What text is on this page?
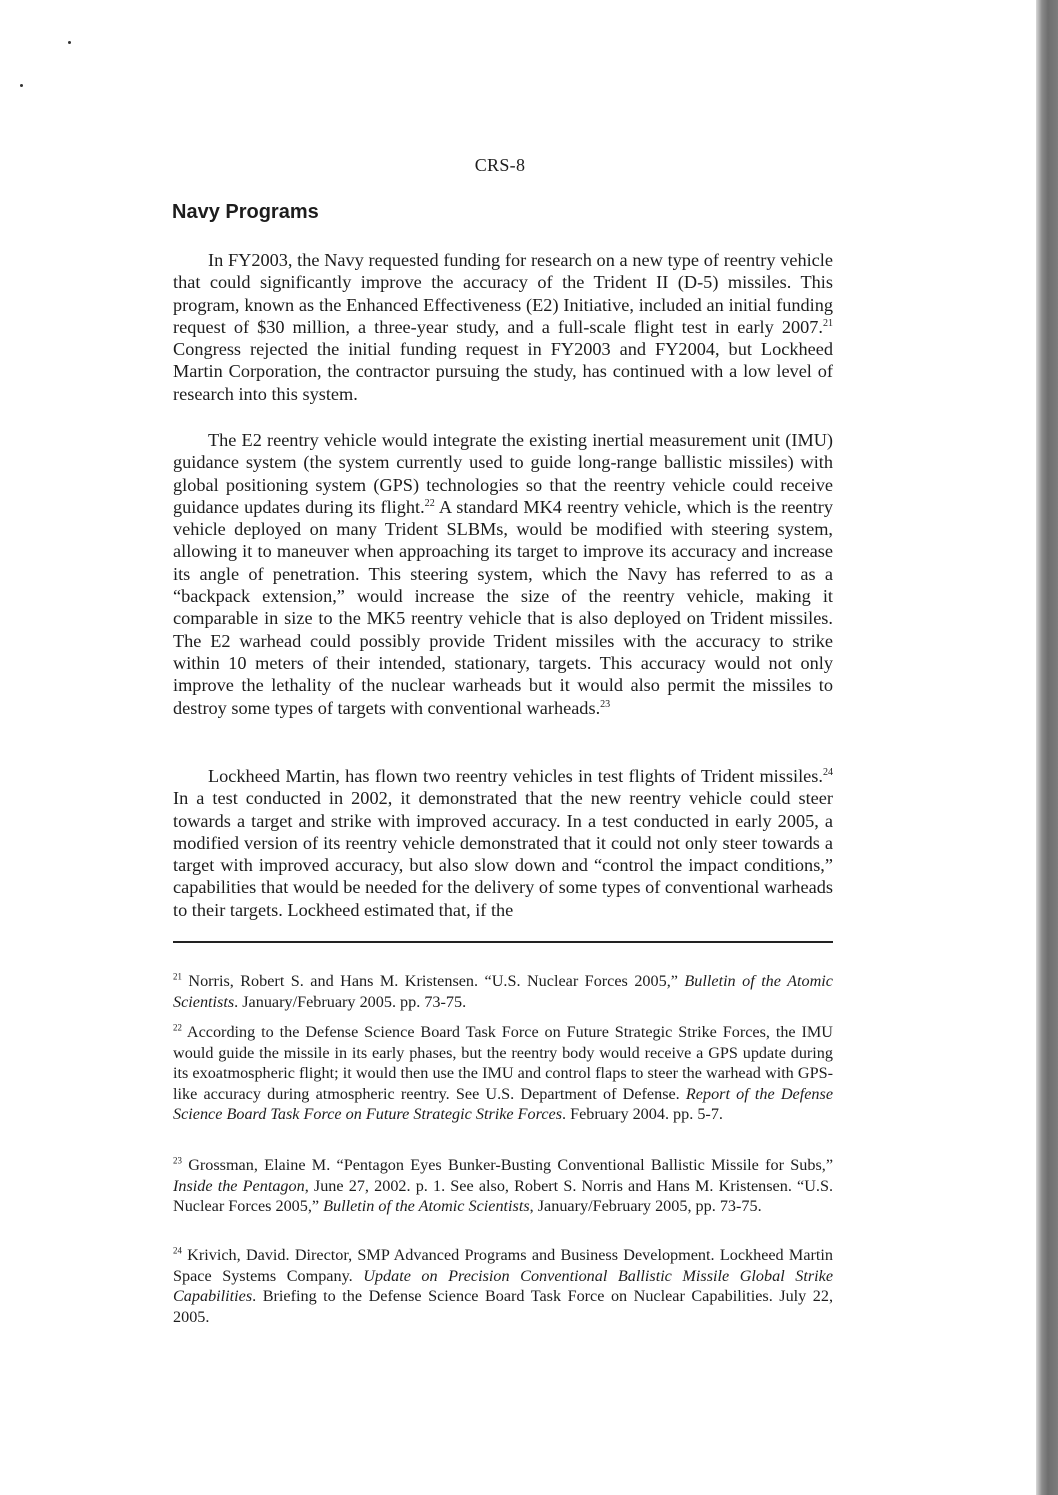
CRS-8
Navy Programs

In FY2003, the Navy requested funding for research on a new type of reentry vehicle that could significantly improve the accuracy of the Trident II (D-5) missiles. This program, known as the Enhanced Effectiveness (E2) Initiative, included an initial funding request of $30 million, a three-year study, and a full-scale flight test in early 2007.21 Congress rejected the initial funding request in FY2003 and FY2004, but Lockheed Martin Corporation, the contractor pursuing the study, has continued with a low level of research into this system.

The E2 reentry vehicle would integrate the existing inertial measurement unit (IMU) guidance system (the system currently used to guide long-range ballistic missiles) with global positioning system (GPS) technologies so that the reentry vehicle could receive guidance updates during its flight.$^{22}$ A standard MK4 reentry vehicle, which is the reentry vehicle deployed on many Trident SLBMs, would be modified with steering system, allowing it to maneuver when approaching its target to improve its accuracy and increase its angle of penetration. This steering system, which the Navy has referred to as a “backpack extension,” would increase the size of the reentry vehicle, making it comparable in size to the MK5 reentry vehicle that is also deployed on Trident missiles. The E2 warhead could possibly provide Trident missiles with the accuracy to strike within 10 meters of their intended, stationary, targets. This accuracy would not only improve the lethality of the nuclear warheads but it would also permit the missiles to destroy some types of targets with conventional warheads.$^{23}$

Lockheed Martin, has flown two reentry vehicles in test flights of Trident missiles.$^{24}$ In a test conducted in 2002, it demonstrated that the new reentry vehicle could steer towards a target and strike with improved accuracy. In a test conducted in early 2005, a modified version of its reentry vehicle demonstrated that it could not only steer towards a target with improved accuracy, but also slow down and “control the impact conditions,” capabilities that would be needed for the delivery of some types of conventional warheads to their targets. Lockheed estimated that, if the

$^{21}$ Norris, Robert S. and Hans M. Kristensen. “U.S. Nuclear Forces 2005,” Bulletin of the Atomic Scientists. January/February 2005. pp. 73-75.

$^{22}$ According to the Defense Science Board Task Force on Future Strategic Strike Forces, the IMU would guide the missile in its early phases, but the reentry body would receive a GPS update during its exoatmospheric flight; it would then use the IMU and control flaps to steer the warhead with GPS-like accuracy during atmospheric reentry. See U.S. Department of Defense. Report of the Defense Science Board Task Force on Future Strategic Strike Forces. February 2004. pp. 5-7.

$^{23}$ Grossman, Elaine M. “Pentagon Eyes Bunker-Busting Conventional Ballistic Missile for Subs,” Inside the Pentagon, June 27, 2002. p. 1. See also, Robert S. Norris and Hans M. Kristensen. “U.S. Nuclear Forces 2005,” Bulletin of the Atomic Scientists, January/February 2005, pp. 73-75.

$^{24}$ Krivich, David. Director, SMP Advanced Programs and Business Development. Lockheed Martin Space Systems Company. Update on Precision Conventional Ballistic Missile Global Strike Capabilities. Briefing to the Defense Science Board Task Force on Nuclear Capabilities. July 22, 2005.
